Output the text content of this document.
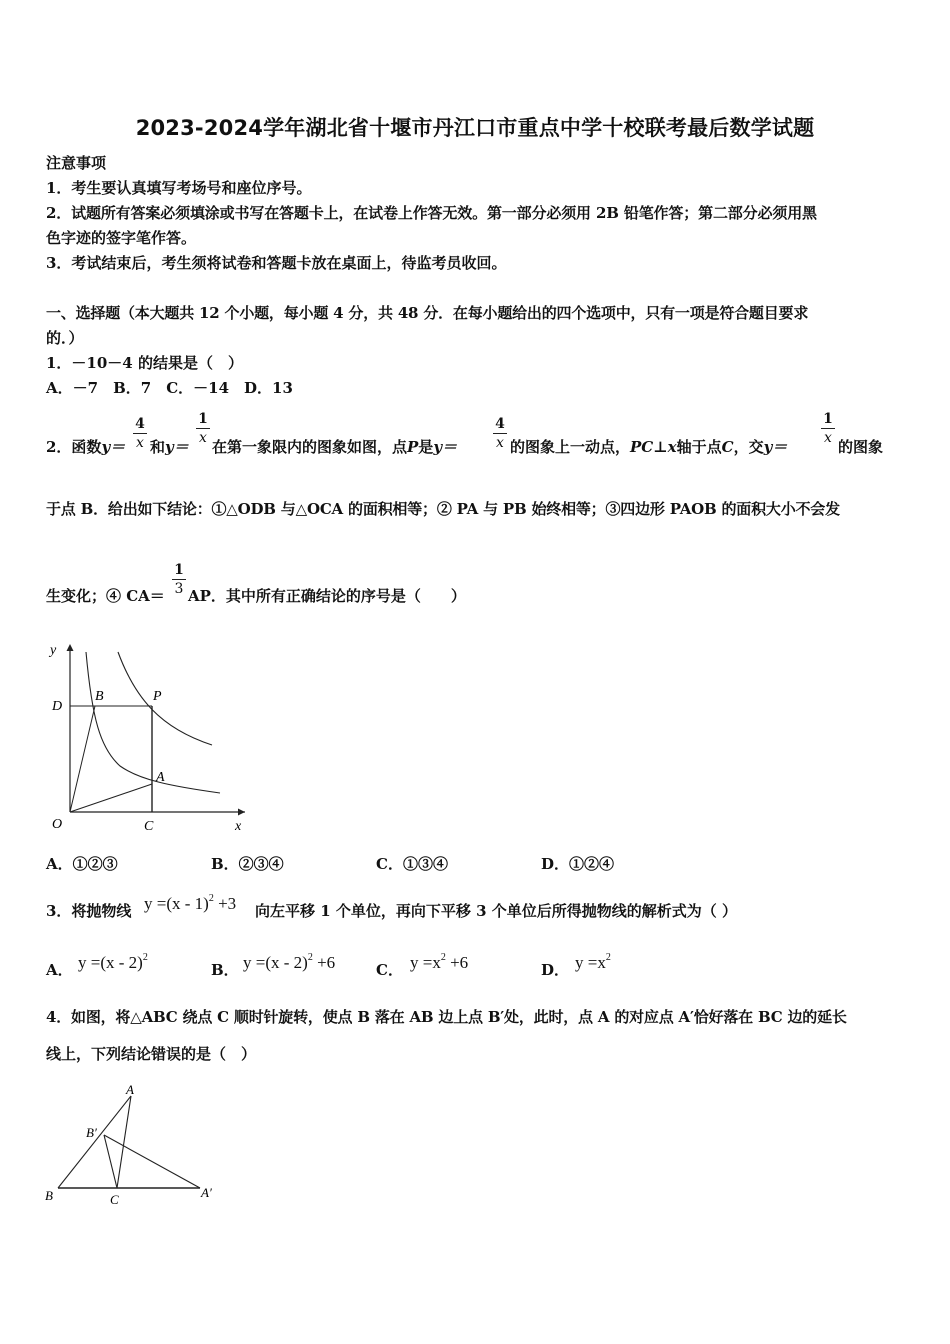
2023-2024学年湖北省十堰市丹江口市重点中学十校联考最后数学试题
注意事项
1．考生要认真填写考场号和座位序号。
2．试题所有答案必须填涂或书写在答题卡上，在试卷上作答无效。第一部分必须用 2B 铅笔作答；第二部分必须用黑
色字迹的签字笔作答。
3．考试结束后，考生须将试卷和答题卡放在桌面上，待监考员收回。
一、选择题（本大题共 12 个小题，每小题 4 分，共 48 分．在每小题给出的四个选项中，只有一项是符合题目要求
的．）
1．－10－4 的结果是（　）
A．－7　B．7　C．－14　D．13
2．函数y＝
4
x 和y＝
1
x 在第一象限内的图象如图，点P是y＝
4
x 的图象上一动点，PC⊥x轴于点C，交y＝
1
x 的图象
于点 B．给出如下结论：①△ODB 与△OCA 的面积相等；② PA 与 PB 始终相等；③四边形 PAOB 的面积大小不会发
生变化；④ CA＝
1
3 AP．其中所有正确结论的序号是（　　）
y
x
O	C
D
B	P
A
A．①②③	B．②③④	C．①③④	D．①②④
3．将抛物线 y =(x - 1)$^2$ +3 向左平移 1 个单位，再向下平移 3 个单位后所得抛物线的解析式为（ ）
A． y =(x - 2)$^2$
B． y =(x - 2)$^2$ +6	C． $y =x^2 +6$	D． $y =x^2$
4．如图，将△ABC 绕点 C 顺时针旋转，使点 B 落在 AB 边上点 B′处，此时，点 A 的对应点 A′恰好落在 BC 边的延长
线上，下列结论错误的是（　）
A
B′
B	C	A′
